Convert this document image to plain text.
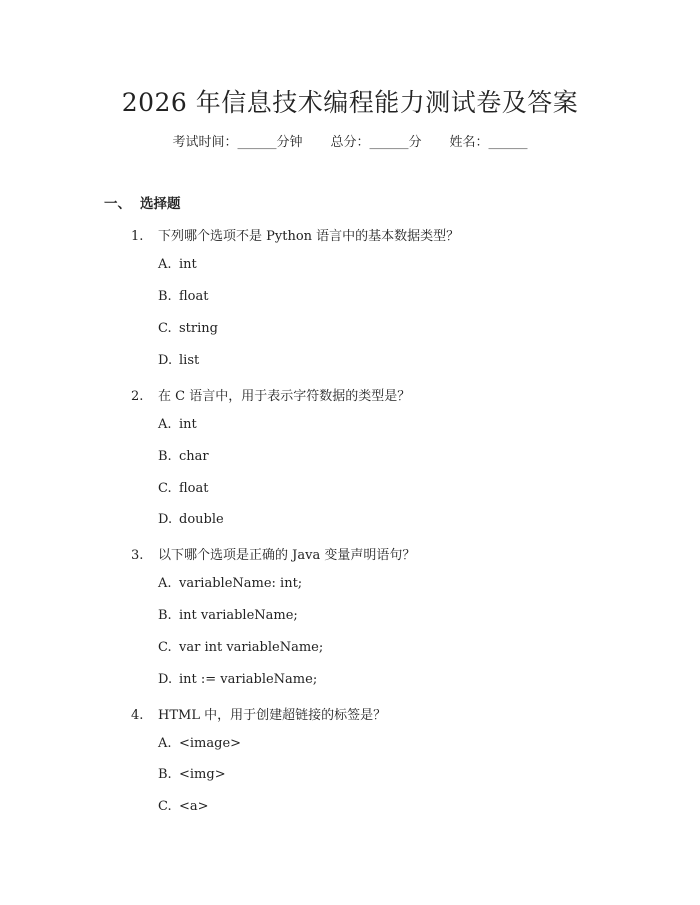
2026 年信息技术编程能力测试卷及答案
考试时间：______分钟 总分：______分 姓名：______
一、 选择题
1. 下列哪个选项不是 Python 语言中的基本数据类型？
A. int
B. float
C. string
D. list
2. 在 C 语言中，用于表示字符数据的类型是？
A. int
B. char
C. float
D. double
3. 以下哪个选项是正确的 Java 变量声明语句？
A. variableName: int;
B. int variableName;
C. var int variableName;
D. int := variableName;
4. HTML 中，用于创建超链接的标签是？
A. <image>
B. <img>
C. <a>
